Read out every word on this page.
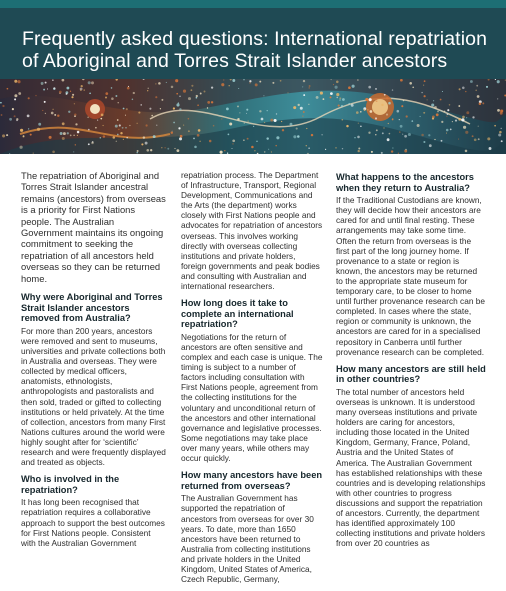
Frequently asked questions: International repatriation of Aboriginal and Torres Strait Islander ancestors

The repatriation of Aboriginal and Torres Strait Islander ancestral remains (ancestors) from overseas is a priority for First Nations people. The Australian Government maintains its ongoing commitment to seeking the repatriation of all ancestors held overseas so they can be returned home.

Why were Aboriginal and Torres Strait Islander ancestors removed from Australia?

For more than 200 years, ancestors were removed and sent to museums, universities and private collections both in Australia and overseas. They were collected by medical officers, anatomists, ethnologists, anthropologists and pastoralists and then sold, traded or gifted to collecting institutions or held privately. At the time of collection, ancestors from many First Nations cultures around the world were highly sought after for ‘scientific’ research and were frequently displayed and treated as objects.

Who is involved in the repatriation?

It has long been recognised that repatriation requires a collaborative approach to support the best outcomes for First Nations people. Consistent with the Australian Government

repatriation process. The Department of Infrastructure, Transport, Regional Development, Communications and the Arts (the department) works closely with First Nations people and advocates for repatriation of ancestors overseas. This involves working directly with overseas collecting institutions and private holders, foreign governments and peak bodies and consulting with Australian and international researchers.

How long does it take to complete an international repatriation?

Negotiations for the return of ancestors are often sensitive and complex and each case is unique. The timing is subject to a number of factors including consultation with First Nations people, agreement from the collecting institutions for the voluntary and unconditional return of the ancestors and other international governance and legislative processes. Some negotiations may take place over many years, while others may occur quickly.

How many ancestors have been returned from overseas?

The Australian Government has supported the repatriation of ancestors from overseas for over 30 years. To date, more than 1650 ancestors have been returned to Australia from collecting institutions and private holders in the United Kingdom, United States of America, Czech Republic, Germany,

What happens to the ancestors when they return to Australia?

If the Traditional Custodians are known, they will decide how their ancestors are cared for and until final resting. These arrangements may take some time. Often the return from overseas is the first part of the long journey home. If provenance to a state or region is known, the ancestors may be returned to the appropriate state museum for temporary care, to be closer to home until further provenance research can be completed. In cases where the state, region or community is unknown, the ancestors are cared for in a specialised repository in Canberra until further provenance research can be completed.

How many ancestors are still held in other countries?

The total number of ancestors held overseas is unknown. It is understood many overseas institutions and private holders are caring for ancestors, including those located in the United Kingdom, Germany, France, Poland, Austria and the United States of America. The Australian Government has established relationships with these countries and is developing relationships with other countries to progress discussions and support the repatriation of ancestors. Currently, the department has identified approximately 100 collecting institutions and private holders from over 20 countries as
